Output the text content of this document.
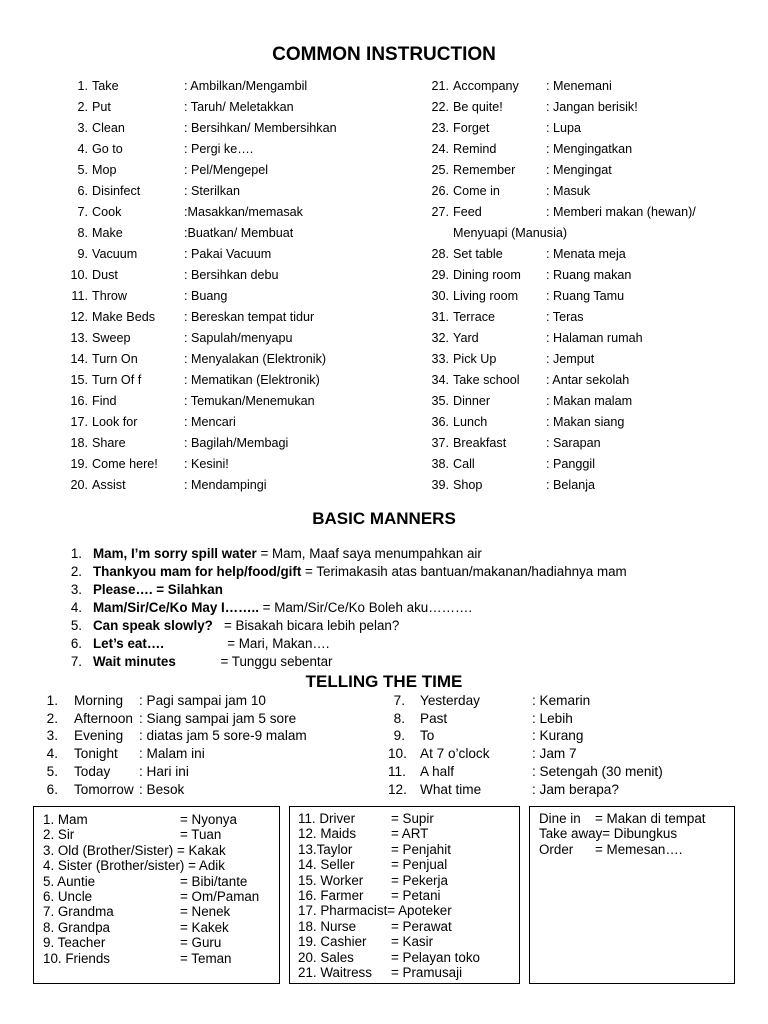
COMMON INSTRUCTION
1. Take	: Ambilkan/Mengambil
2. Put	: Taruh/ Meletakkan
3. Clean	: Bersihkan/ Membersihkan
4. Go to	: Pergi ke….
5. Mop	: Pel/Mengepel
6. Disinfect	: Sterilkan
7. Cook	:Masakkan/memasak
8. Make	:Buatkan/ Membuat
9. Vacuum	: Pakai Vacuum
10. Dust	: Bersihkan debu
11. Throw	: Buang
12. Make Beds : Bereskan tempat tidur
13. Sweep	: Sapulah/menyapu
14. Turn On	: Menyalakan (Elektronik)
15. Turn Of f	: Mematikan (Elektronik)
16. Find	: Temukan/Menemukan
17. Look for	: Mencari
18. Share	: Bagilah/Membagi
19. Come here! : Kesini!
20. Assist	: Mendampingi
21. Accompany : Menemani
22. Be quite!	: Jangan berisik!
23. Forget	: Lupa
24. Remind	: Mengingatkan
25. Remember : Mengingat
26. Come in	: Masuk
27. Feed	: Memberi makan (hewan)/
Menyuapi (Manusia)
28. Set table	: Menata meja
29. Dining room : Ruang makan
30. Living room : Ruang Tamu
31. Terrace	: Teras
32. Yard	: Halaman rumah
33. Pick Up	: Jemput
34. Take school : Antar sekolah
35. Dinner	: Makan malam
36. Lunch	: Makan siang
37. Breakfast	: Sarapan
38. Call	: Panggil
39. Shop	: Belanja
BASIC MANNERS
1. Mam, I’m sorry spill water = Mam, Maaf saya menumpahkan air
2. Thankyou mam for help/food/gift = Terimakasih atas bantuan/makanan/hadiahnya mam
3. Please…. = Silahkan
4. Mam/Sir/Ce/Ko May I…….. = Mam/Sir/Ce/Ko Boleh aku……….
5. Can speak slowly?   = Bisakah bicara lebih pelan?
6. Let’s eat….                 = Mari, Makan….
7. Wait minutes            = Tunggu sebentar
TELLING THE TIME
1. Morning : Pagi sampai jam 10
2. Afternoon : Siang sampai jam 5 sore
3. Evening : diatas jam 5 sore-9 malam
4. Tonight : Malam ini
5. Today : Hari ini
6. Tomorrow : Besok
7. Yesterday	: Kemarin
8. Past	: Lebih
9. To	: Kurang
10. At 7 o’clock	: Jam 7
11. A half	: Setengah (30 menit)
12. What time	: Jam berapa?
1. Mam	= Nyonya
2. Sir	= Tuan
3. Old (Brother/Sister) = Kakak
4. Sister (Brother/sister) = Adik
5. Auntie	= Bibi/tante
6. Uncle	= Om/Paman
7. Grandma	= Nenek
8. Grandpa	= Kakek
9. Teacher	= Guru
10. Friends	= Teman
11. Driver	= Supir
12. Maids	= ART
13.Taylor	= Penjahit
14. Seller	= Penjual
15. Worker = Pekerja
16. Farmer = Petani
17. Pharmacist= Apoteker
18. Nurse	= Perawat
19. Cashier = Kasir
20. Sales	= Pelayan toko
21. Waitress = Pramusaji
Dine in = Makan di tempat
Take away= Dibungkus
Order = Memesan….
